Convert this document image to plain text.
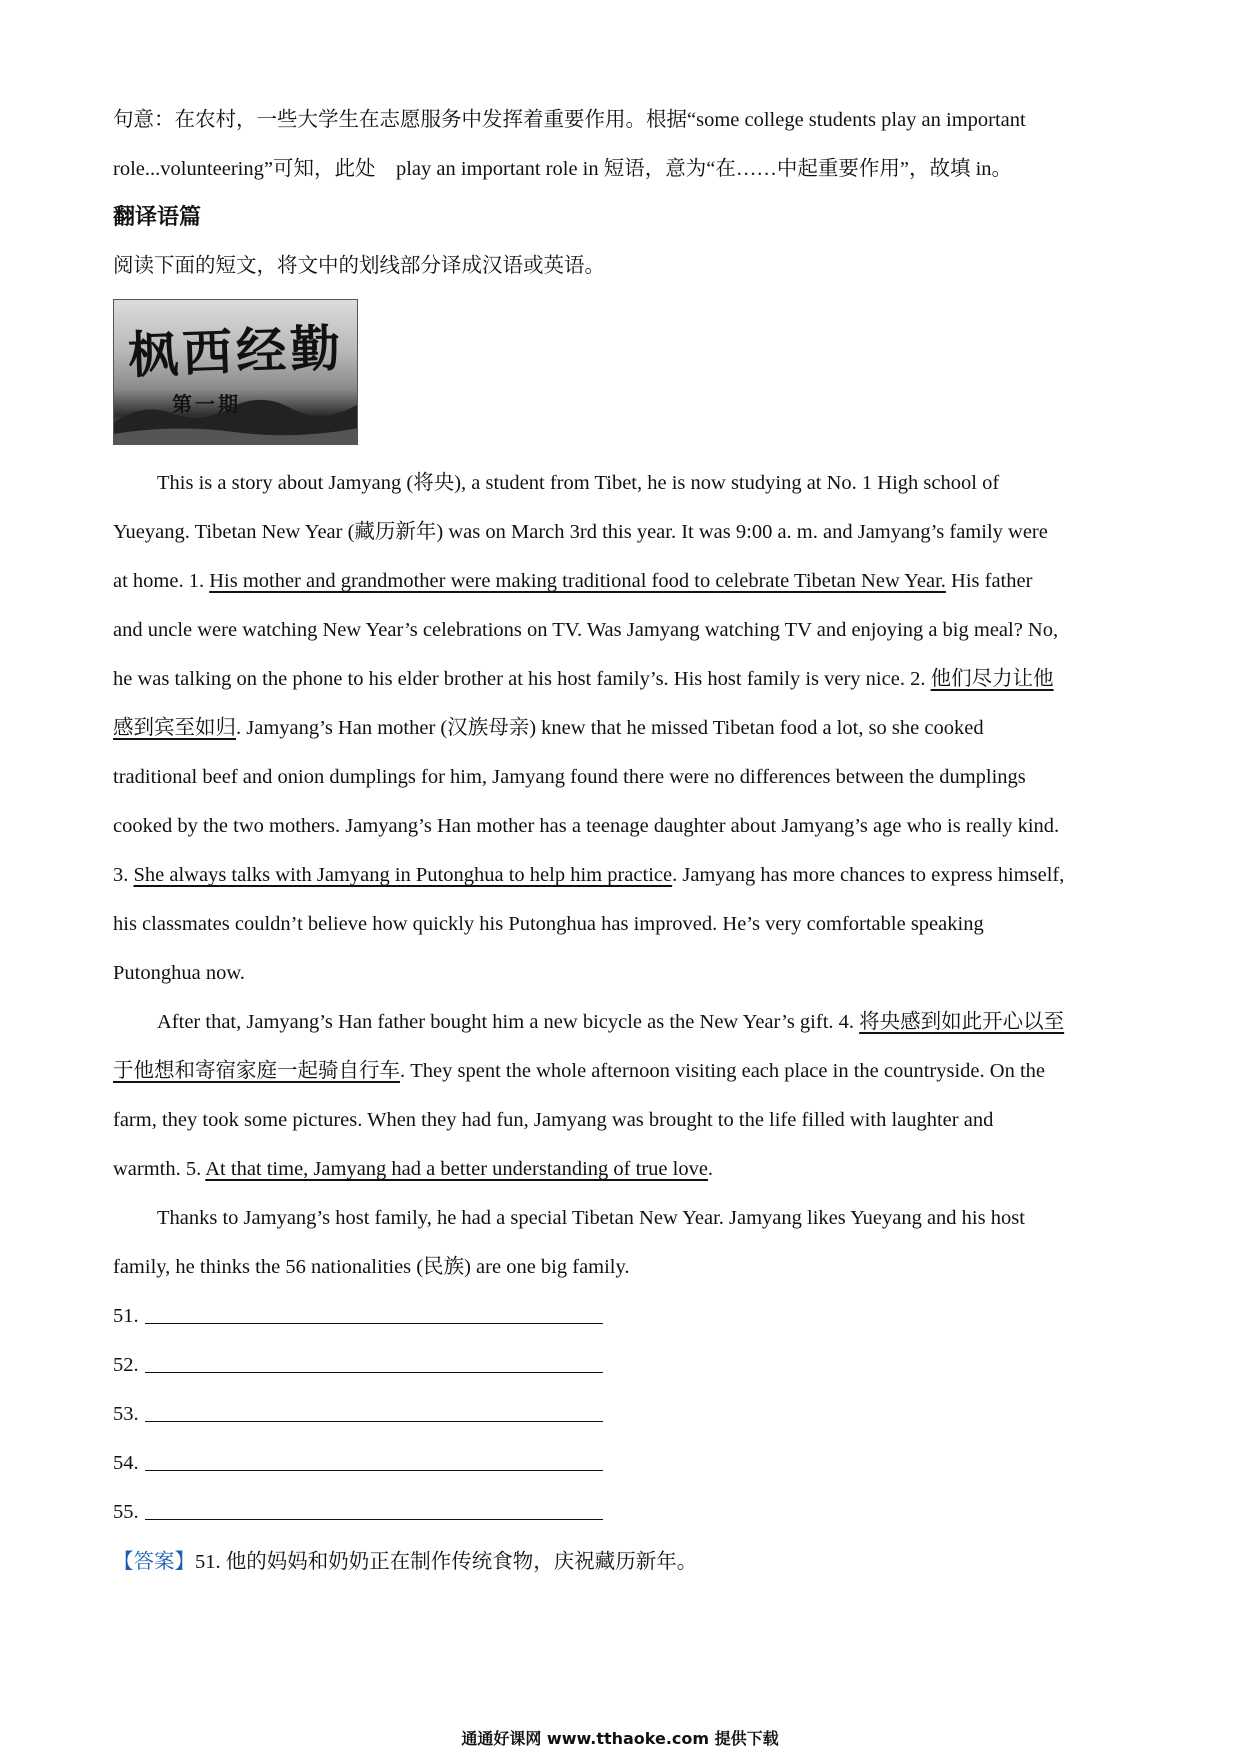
句意：在农村，一些大学生在志愿服务中发挥着重要作用。根据“some college students play an important
role...volunteering”可知，此处　play an important role in 短语，意为“在……中起重要作用”，故填 in。
翻译语篇
阅读下面的短文，将文中的划线部分译成汉语或英语。
枫西经勤
第一期
This is a story about Jamyang (将央), a student from Tibet, he is now studying at No. 1 High school of
Yueyang. Tibetan New Year (藏历新年) was on March 3rd this year. It was 9:00 a. m. and Jamyang’s family were
at home. 1. His mother and grandmother were making traditional food to celebrate Tibetan New Year. His father
and uncle were watching New Year’s celebrations on TV. Was Jamyang watching TV and enjoying a big meal? No,
he was talking on the phone to his elder brother at his host family’s. His host family is very nice. 2. 他们尽力让他
感到宾至如归. Jamyang’s Han mother (汉族母亲) knew that he missed Tibetan food a lot, so she cooked
traditional beef and onion dumplings for him, Jamyang found there were no differences between the dumplings
cooked by the two mothers. Jamyang’s Han mother has a teenage daughter about Jamyang’s age who is really kind.
3. She always talks with Jamyang in Putonghua to help him practice. Jamyang has more chances to express himself,
his classmates couldn’t believe how quickly his Putonghua has improved. He’s very comfortable speaking
Putonghua now.
After that, Jamyang’s Han father bought him a new bicycle as the New Year’s gift. 4. 将央感到如此开心以至
于他想和寄宿家庭一起骑自行车. They spent the whole afternoon visiting each place in the countryside. On the
farm, they took some pictures. When they had fun, Jamyang was brought to the life filled with laughter and
warmth. 5. At that time, Jamyang had a better understanding of true love.
Thanks to Jamyang’s host family, he had a special Tibetan New Year. Jamyang likes Yueyang and his host
family, he thinks the 56 nationalities (民族) are one big family.
51.
52.
53.
54.
55.
【答案】51. 他的妈妈和奶奶正在制作传统食物，庆祝藏历新年。
通通好课网 www.tthaoke.com 提供下载
